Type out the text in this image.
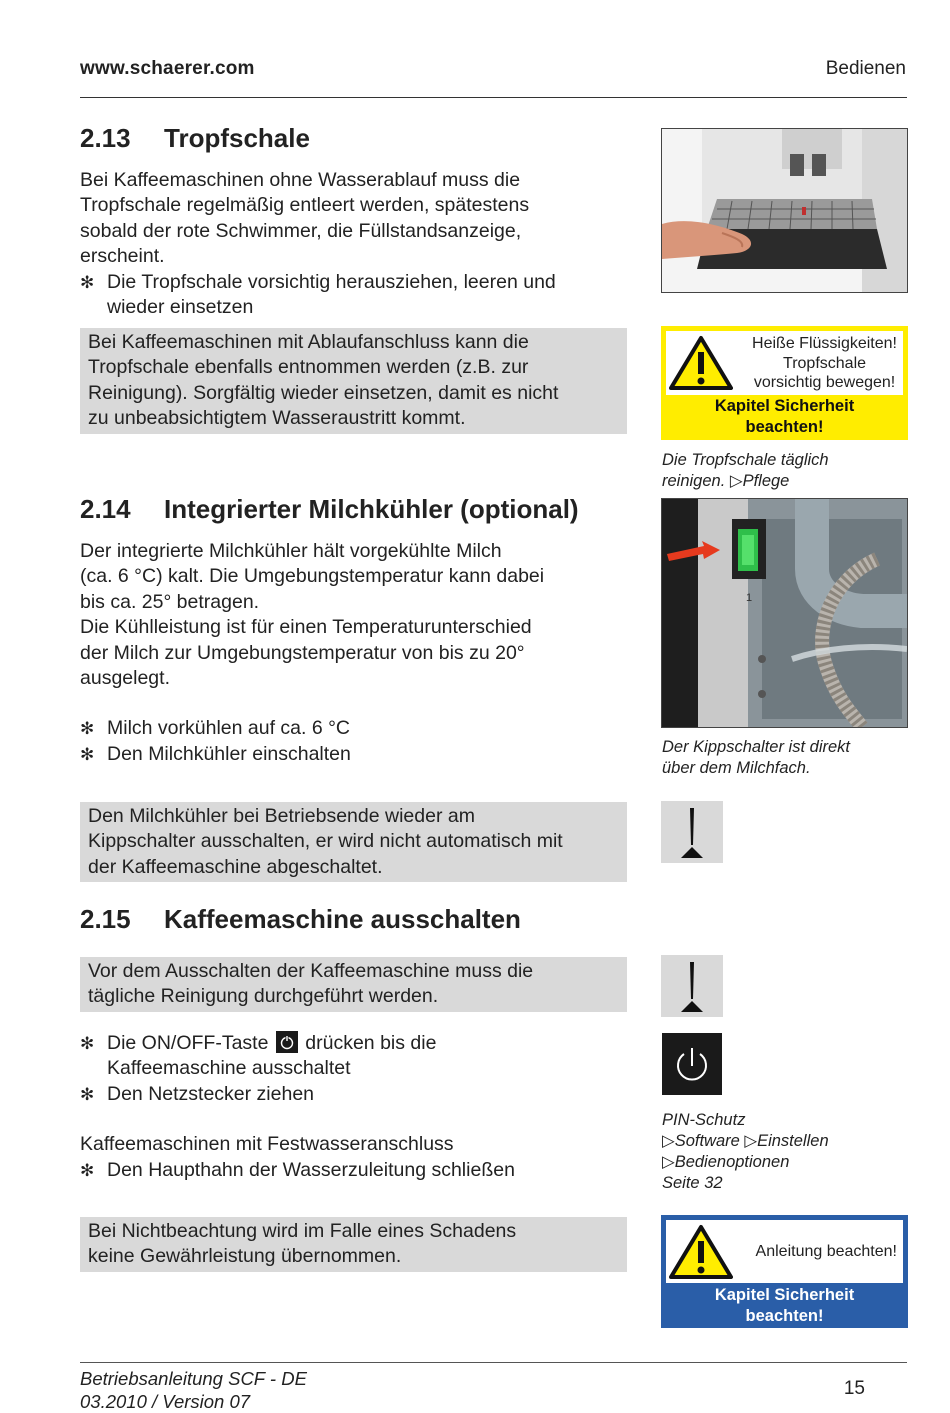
www.schaerer.com	Bedienen
2.13 Tropfschale

Bei Kaffeemaschinen ohne Wasserablauf muss die

Tropfschale regelmäßig entleert werden, spätestens

sobald der rote Schwimmer, die Füllstandsanzeige,

erscheint.

✻ Die Tropfschale vorsichtig herausziehen, leeren und

wieder einsetzen

Bei Kaffeemaschinen mit Ablaufanschluss kann die

Tropfschale ebenfalls entnommen werden (z.B. zur

Reinigung). Sorgfältig wieder einsetzen, damit es nicht

zu unbeabsichtigtem Wasseraustritt kommt.

Heiße Flüssigkeiten!
Tropfschale
vorsichtig bewegen!
Kapitel Sicherheit
beachten!

Die Tropfschale täglich

reinigen. ▷Pflege

2.14 Integrierter Milchkühler (optional)

Der integrierte Milchkühler hält vorgekühlte Milch

(ca. 6 °C) kalt. Die Umgebungstemperatur kann dabei

bis ca. 25° betragen.

Die Kühlleistung ist für einen Temperaturunterschied

der Milch zur Umgebungstemperatur von bis zu 20°

ausgelegt.

✻ Milch vorkühlen auf ca. 6 °C

✻ Den Milchkühler einschalten

1

Der Kippschalter ist direkt

über dem Milchfach.

Den Milchkühler bei Betriebsende wieder am

Kippschalter ausschalten, er wird nicht automatisch mit

der Kaffeemaschine abgeschaltet.

2.15 Kaffeemaschine ausschalten

Vor dem Ausschalten der Kaffeemaschine muss die

tägliche Reinigung durchgeführt werden.

✻ Die ON/OFF-Taste drücken bis die

Kaffeemaschine ausschaltet

✻ Den Netzstecker ziehen

Kaffeemaschinen mit Festwasseranschluss

✻ Den Haupthahn der Wasserzuleitung schließen

PIN-Schutz

▷Software ▷Einstellen

▷Bedienoptionen

Seite 32

Bei Nichtbeachtung wird im Falle eines Schadens

keine Gewährleistung übernommen.	Anleitung beachten!
Kapitel Sicherheit
beachten!

Betriebsanleitung SCF - DE

03.2010 / Version 07

15
